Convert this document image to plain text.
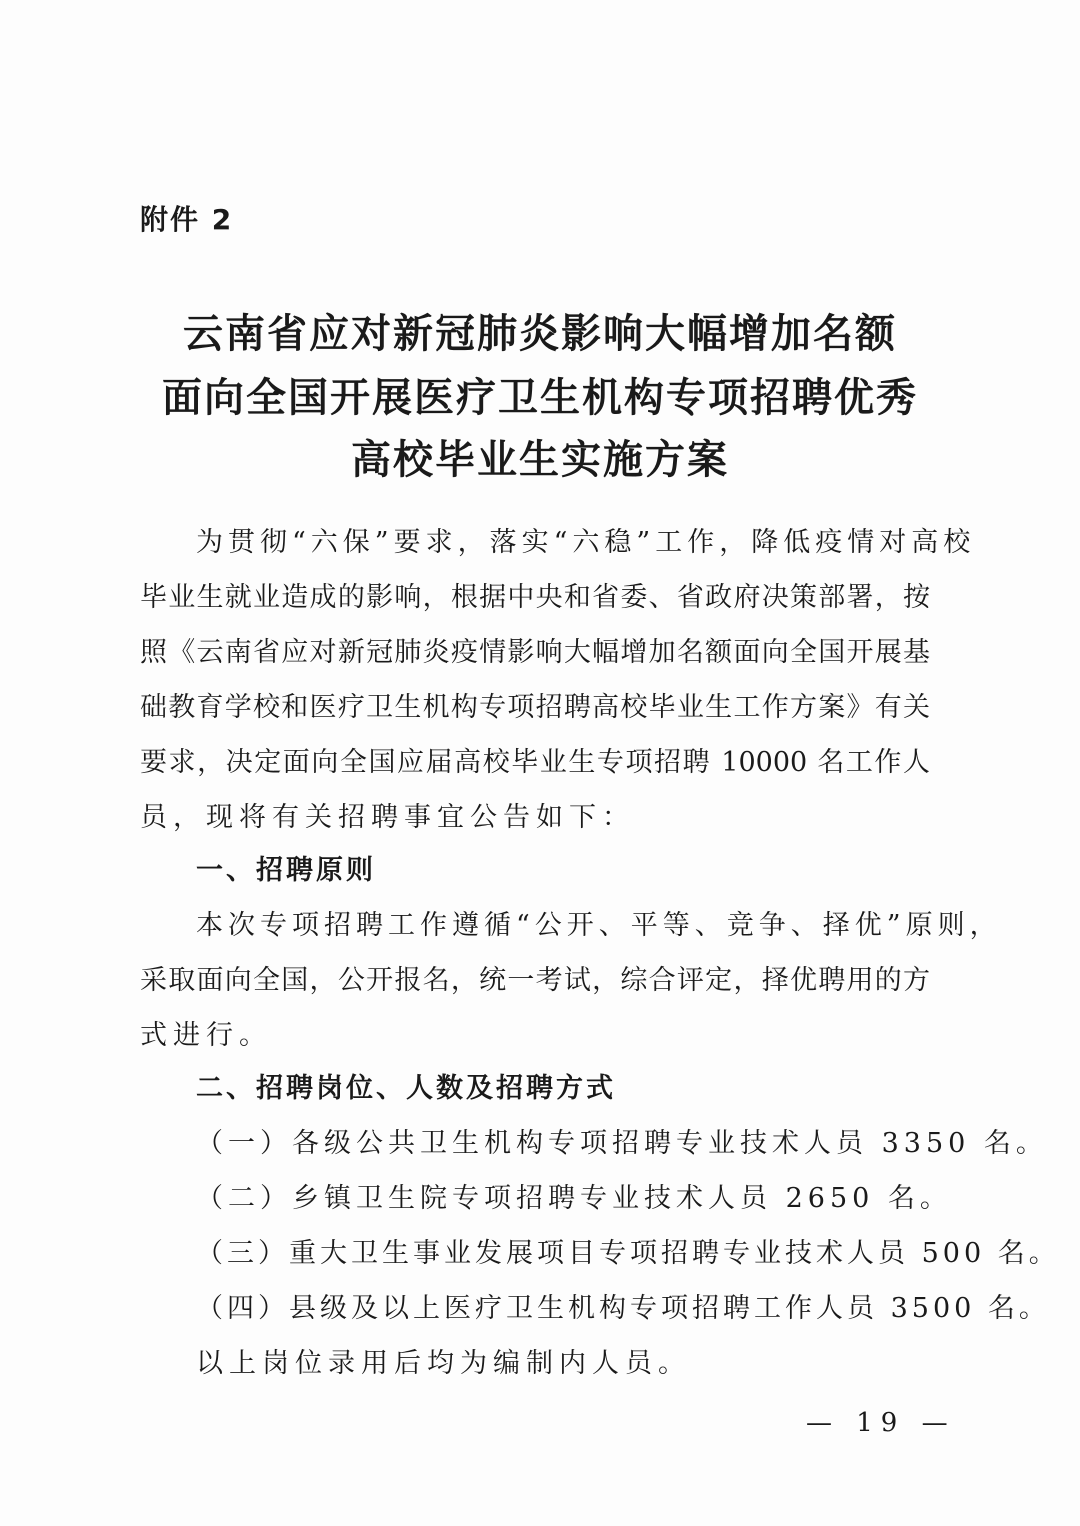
附件 2
云南省应对新冠肺炎影响大幅增加名额
面向全国开展医疗卫生机构专项招聘优秀
高校毕业生实施方案
为贯彻“六保”要求，落实“六稳”工作，降低疫情对高校
毕业生就业造成的影响，根据中央和省委、省政府决策部署，按
照《云南省应对新冠肺炎疫情影响大幅增加名额面向全国开展基
础教育学校和医疗卫生机构专项招聘高校毕业生工作方案》有关
要求，决定面向全国应届高校毕业生专项招聘 10000 名工作人
员，现将有关招聘事宜公告如下：
一、招聘原则
本次专项招聘工作遵循“公开、平等、竞争、择优”原则，
采取面向全国，公开报名，统一考试，综合评定，择优聘用的方
式进行。
二、招聘岗位、人数及招聘方式
（一）各级公共卫生机构专项招聘专业技术人员 3350 名。
（二）乡镇卫生院专项招聘专业技术人员 2650 名。
（三）重大卫生事业发展项目专项招聘专业技术人员 500 名。
（四）县级及以上医疗卫生机构专项招聘工作人员 3500 名。
以上岗位录用后均为编制内人员。
— 19 —
